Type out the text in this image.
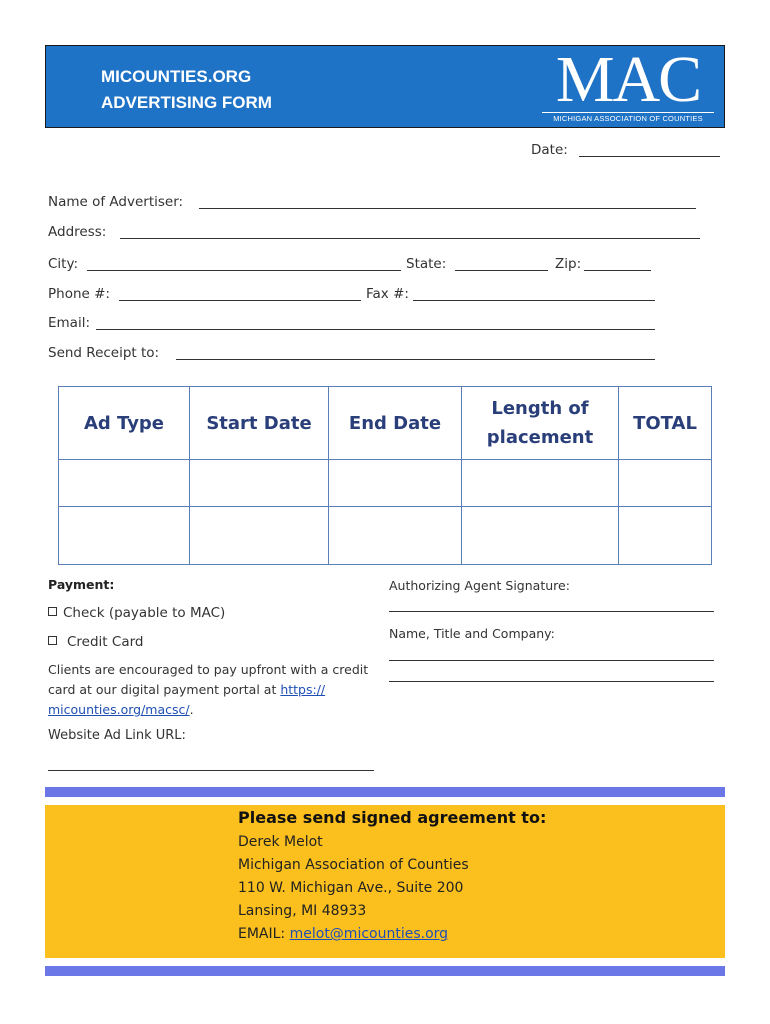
MICOUNTIES.ORG
ADVERTISING FORM	MAC
MICHIGAN ASSOCIATION OF COUNTIES
Date:
Name of Advertiser:
Address:
City:	State:	Zip:
Phone #:	Fax #:
Email:
Send Receipt to:
Ad Type	Start Date	End Date	Length of placement	TOTAL

Payment:
Check (payable to MAC)
Credit Card
Clients are encouraged to pay upfront with a credit card at our digital payment portal at https:// micounties.org/macsc/.
Website Ad Link URL:
Authorizing Agent Signature:
Name, Title and Company:
Please send signed agreement to:
Derek Melot
Michigan Association of Counties
110 W. Michigan Ave., Suite 200
Lansing, MI 48933
EMAIL: melot@micounties.org
